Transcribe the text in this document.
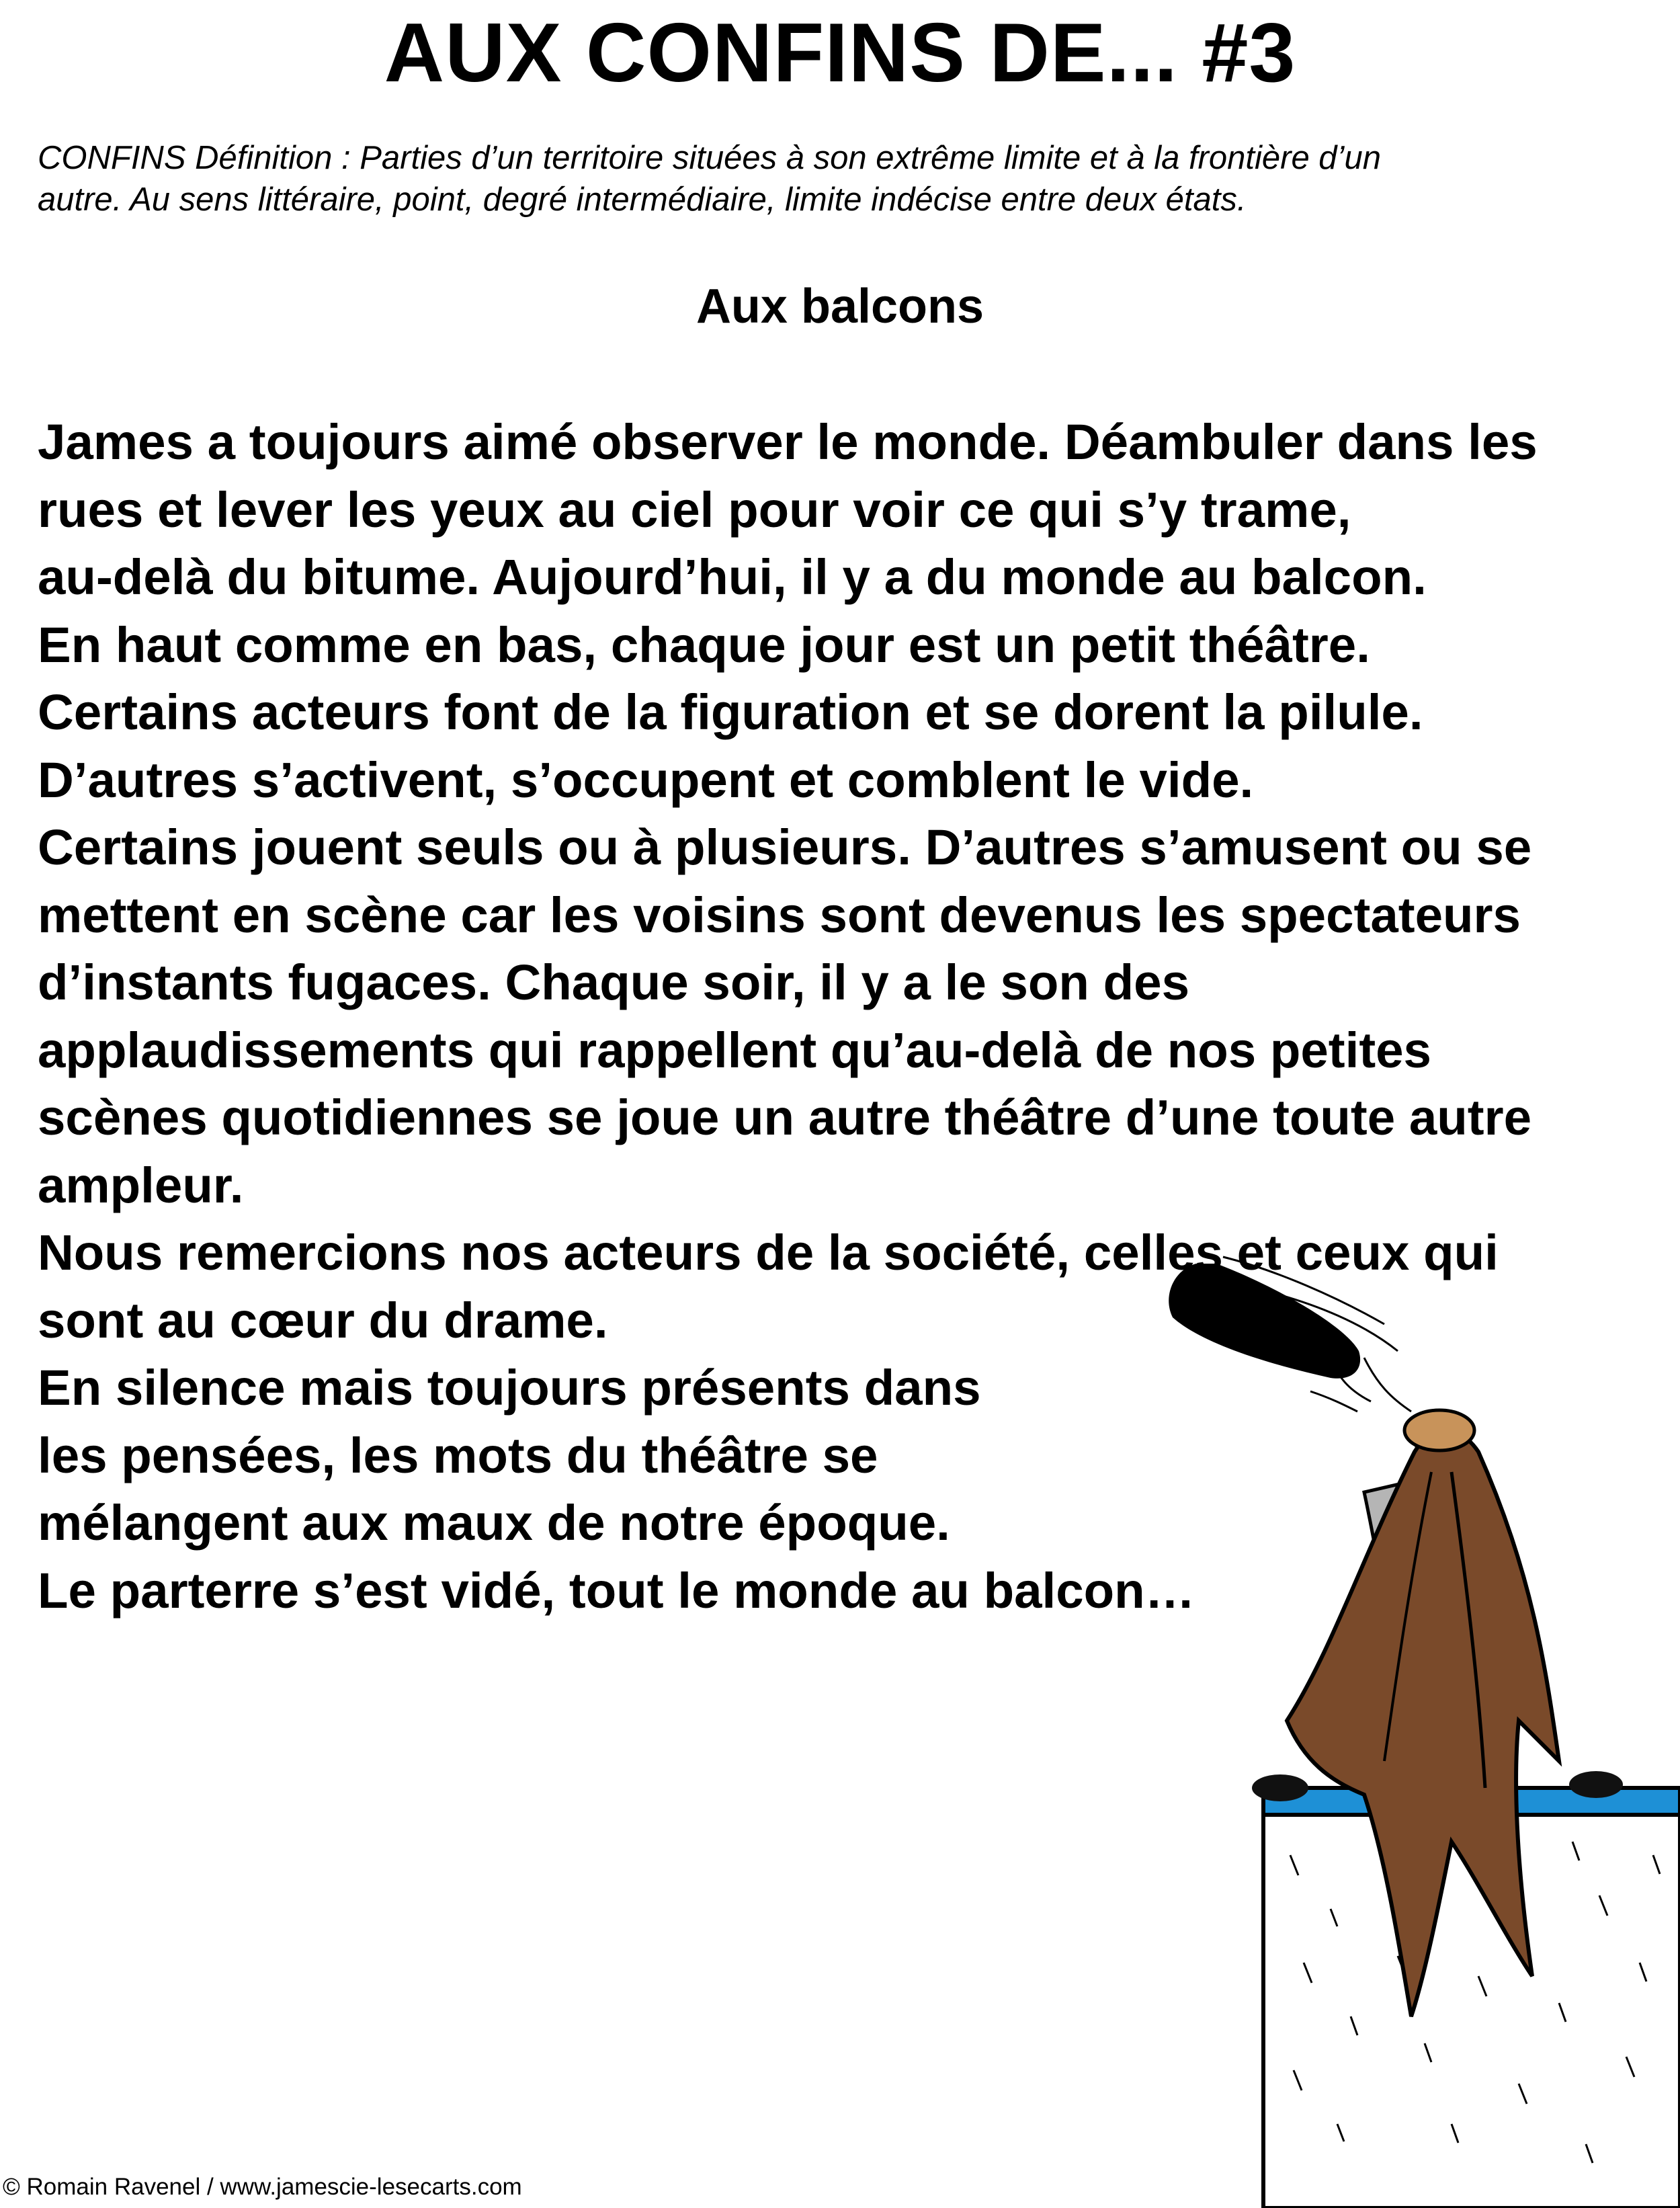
AUX CONFINS DE... #3
CONFINS Définition : Parties d’un territoire situées à son extrême limite et à la frontière d’un
autre. Au sens littéraire, point, degré intermédiaire, limite indécise entre deux états.
Aux balcons
James a toujours aimé observer le monde. Déambuler dans les
rues et lever les yeux au ciel pour voir ce qui s’y trame,
au-delà du bitume. Aujourd’hui, il y a du monde au balcon.
En haut comme en bas, chaque jour est un petit théâtre.
Certains acteurs font de la figuration et se dorent la pilule.
D’autres s’activent, s’occupent et comblent le vide.
Certains jouent seuls ou à plusieurs. D’autres s’amusent ou se
mettent en scène car les voisins sont devenus les spectateurs
d’instants fugaces. Chaque soir, il y a le son des
applaudissements qui rappellent qu’au-delà de nos petites
scènes quotidiennes se joue un autre théâtre d’une toute autre
ampleur.
Nous remercions nos acteurs de la société, celles et ceux qui
sont au cœur du drame.
En silence mais toujours présents dans
les pensées, les mots du théâtre se
mélangent aux maux de notre époque.
Le parterre s’est vidé, tout le monde au balcon…
© Romain Ravenel / www.jamescie-lesecarts.com
